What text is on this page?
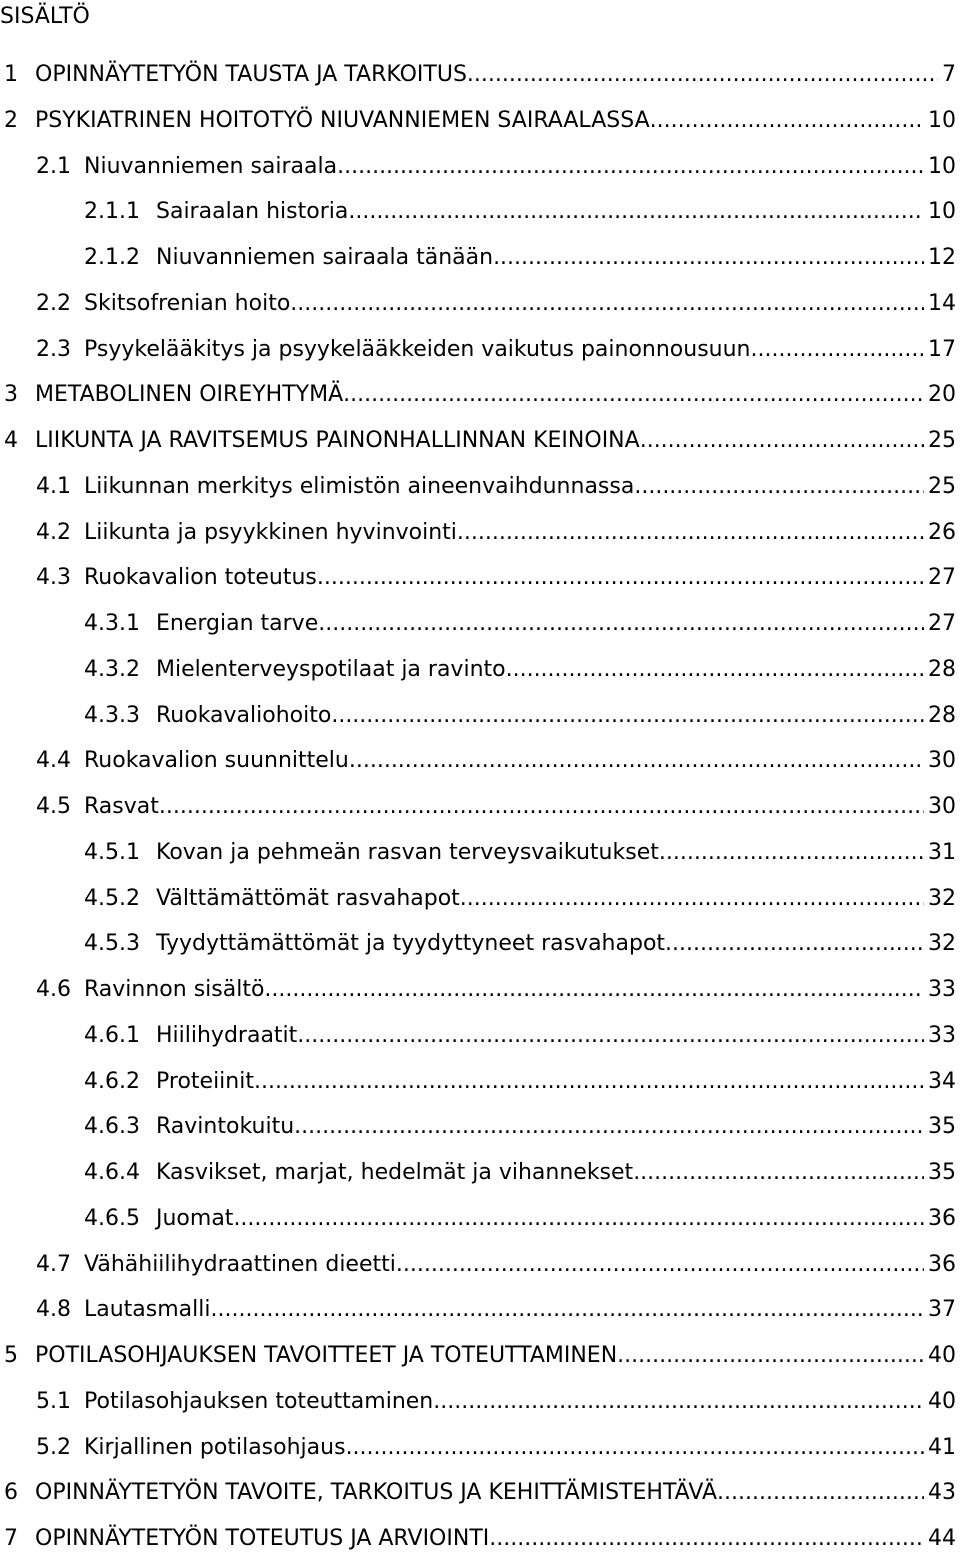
SISÄLTÖ
1 OPINNÄYTETYÖN TAUSTA JA TARKOITUS .....	7
2 PSYKIATRINEN HOITOTYÖ NIUVANNIEMEN SAIRAALASSA .....	10
2.1 Niuvanniemen sairaala .....	10
2.1.1 Sairaalan historia .....	10
2.1.2 Niuvanniemen sairaala tänään .....	12
2.2 Skitsofrenian hoito .....	14
2.3 Psyykelääkitys ja psyykelääkkeiden vaikutus painonnousuun .....	17
3 METABOLINEN OIREYHTYMÄ .....	20
4 LIIKUNTA JA RAVITSEMUS PAINONHALLINNAN KEINOINA .....	25
4.1 Liikunnan merkitys elimistön aineenvaihdunnassa .....	25
4.2 Liikunta ja psyykkinen hyvinvointi .....	26
4.3 Ruokavalion toteutus .....	27
4.3.1 Energian tarve .....	27
4.3.2 Mielenterveyspotilaat ja ravinto .....	28
4.3.3 Ruokavaliohoito .....	28
4.4 Ruokavalion suunnittelu .....	30
4.5 Rasvat .....	30
4.5.1 Kovan ja pehmeän rasvan terveysvaikutukset .....	31
4.5.2 Välttämättömät rasvahapot .....	32
4.5.3 Tyydyttämättömät ja tyydyttyneet rasvahapot .....	32
4.6 Ravinnon sisältö .....	33
4.6.1 Hiilihydraatit .....	33
4.6.2 Proteiinit .....	34
4.6.3 Ravintokuitu .....	35
4.6.4 Kasvikset, marjat, hedelmät ja vihannekset .....	35
4.6.5 Juomat .....	36
4.7 Vähähiilihydraattinen dieetti .....	36
4.8 Lautasmalli .....	37
5 POTILASOHJAUKSEN TAVOITTEET JA TOTEUTTAMINEN .....	40
5.1 Potilasohjauksen toteuttaminen .....	40
5.2 Kirjallinen potilasohjaus .....	41
6 OPINNÄYTETYÖN TAVOITE, TARKOITUS JA KEHITTÄMISTEHTÄVÄ .....	43
7 OPINNÄYTETYÖN TOTEUTUS JA ARVIOINTI .....	44
